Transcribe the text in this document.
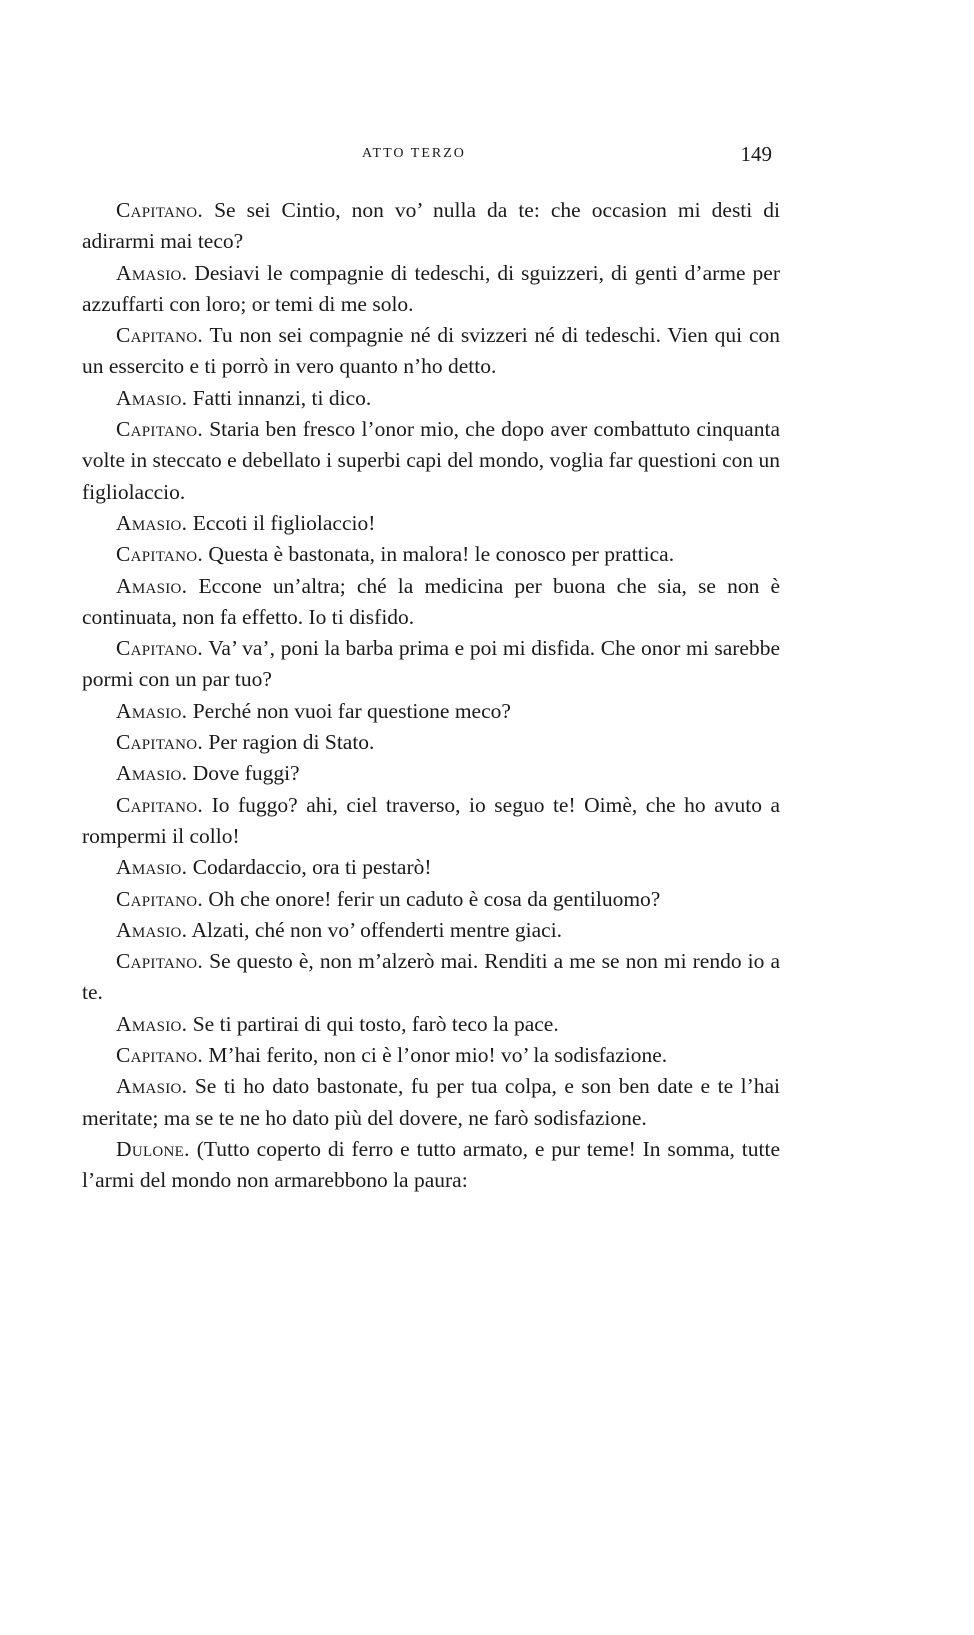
ATTO TERZO	149

Capitano. Se sei Cintio, non vo’ nulla da te: che occasion mi desti di adirarmi mai teco?

Amasio. Desiavi le compagnie di tedeschi, di sguizzeri, di genti d’arme per azzuffarti con loro; or temi di me solo.

Capitano. Tu non sei compagnie né di svizzeri né di tedeschi. Vien qui con un essercito e ti porrò in vero quanto n’ho detto.

Amasio. Fatti innanzi, ti dico.

Capitano. Staria ben fresco l’onor mio, che dopo aver combattuto cinquanta volte in steccato e debellato i superbi capi del mondo, voglia far questioni con un figliolaccio.

Amasio. Eccoti il figliolaccio!

Capitano. Questa è bastonata, in malora! le conosco per prattica.

Amasio. Eccone un’altra; ché la medicina per buona che sia, se non è continuata, non fa effetto. Io ti disfido.

Capitano. Va’ va’, poni la barba prima e poi mi disfida. Che onor mi sarebbe pormi con un par tuo?

Amasio. Perché non vuoi far questione meco?

Capitano. Per ragion di Stato.

Amasio. Dove fuggi?

Capitano. Io fuggo? ahi, ciel traverso, io seguo te! Oimè, che ho avuto a rompermi il collo!

Amasio. Codardaccio, ora ti pestarò!

Capitano. Oh che onore! ferir un caduto è cosa da gentiluomo?

Amasio. Alzati, ché non vo’ offenderti mentre giaci.

Capitano. Se questo è, non m’alzerò mai. Renditi a me se non mi rendo io a te.

Amasio. Se ti partirai di qui tosto, farò teco la pace.

Capitano. M’hai ferito, non ci è l’onor mio! vo’ la sodisfazione.

Amasio. Se ti ho dato bastonate, fu per tua colpa, e son ben date e te l’hai meritate; ma se te ne ho dato più del dovere, ne farò sodisfazione.

Dulone. (Tutto coperto di ferro e tutto armato, e pur teme! In somma, tutte l’armi del mondo non armarebbono la paura:
